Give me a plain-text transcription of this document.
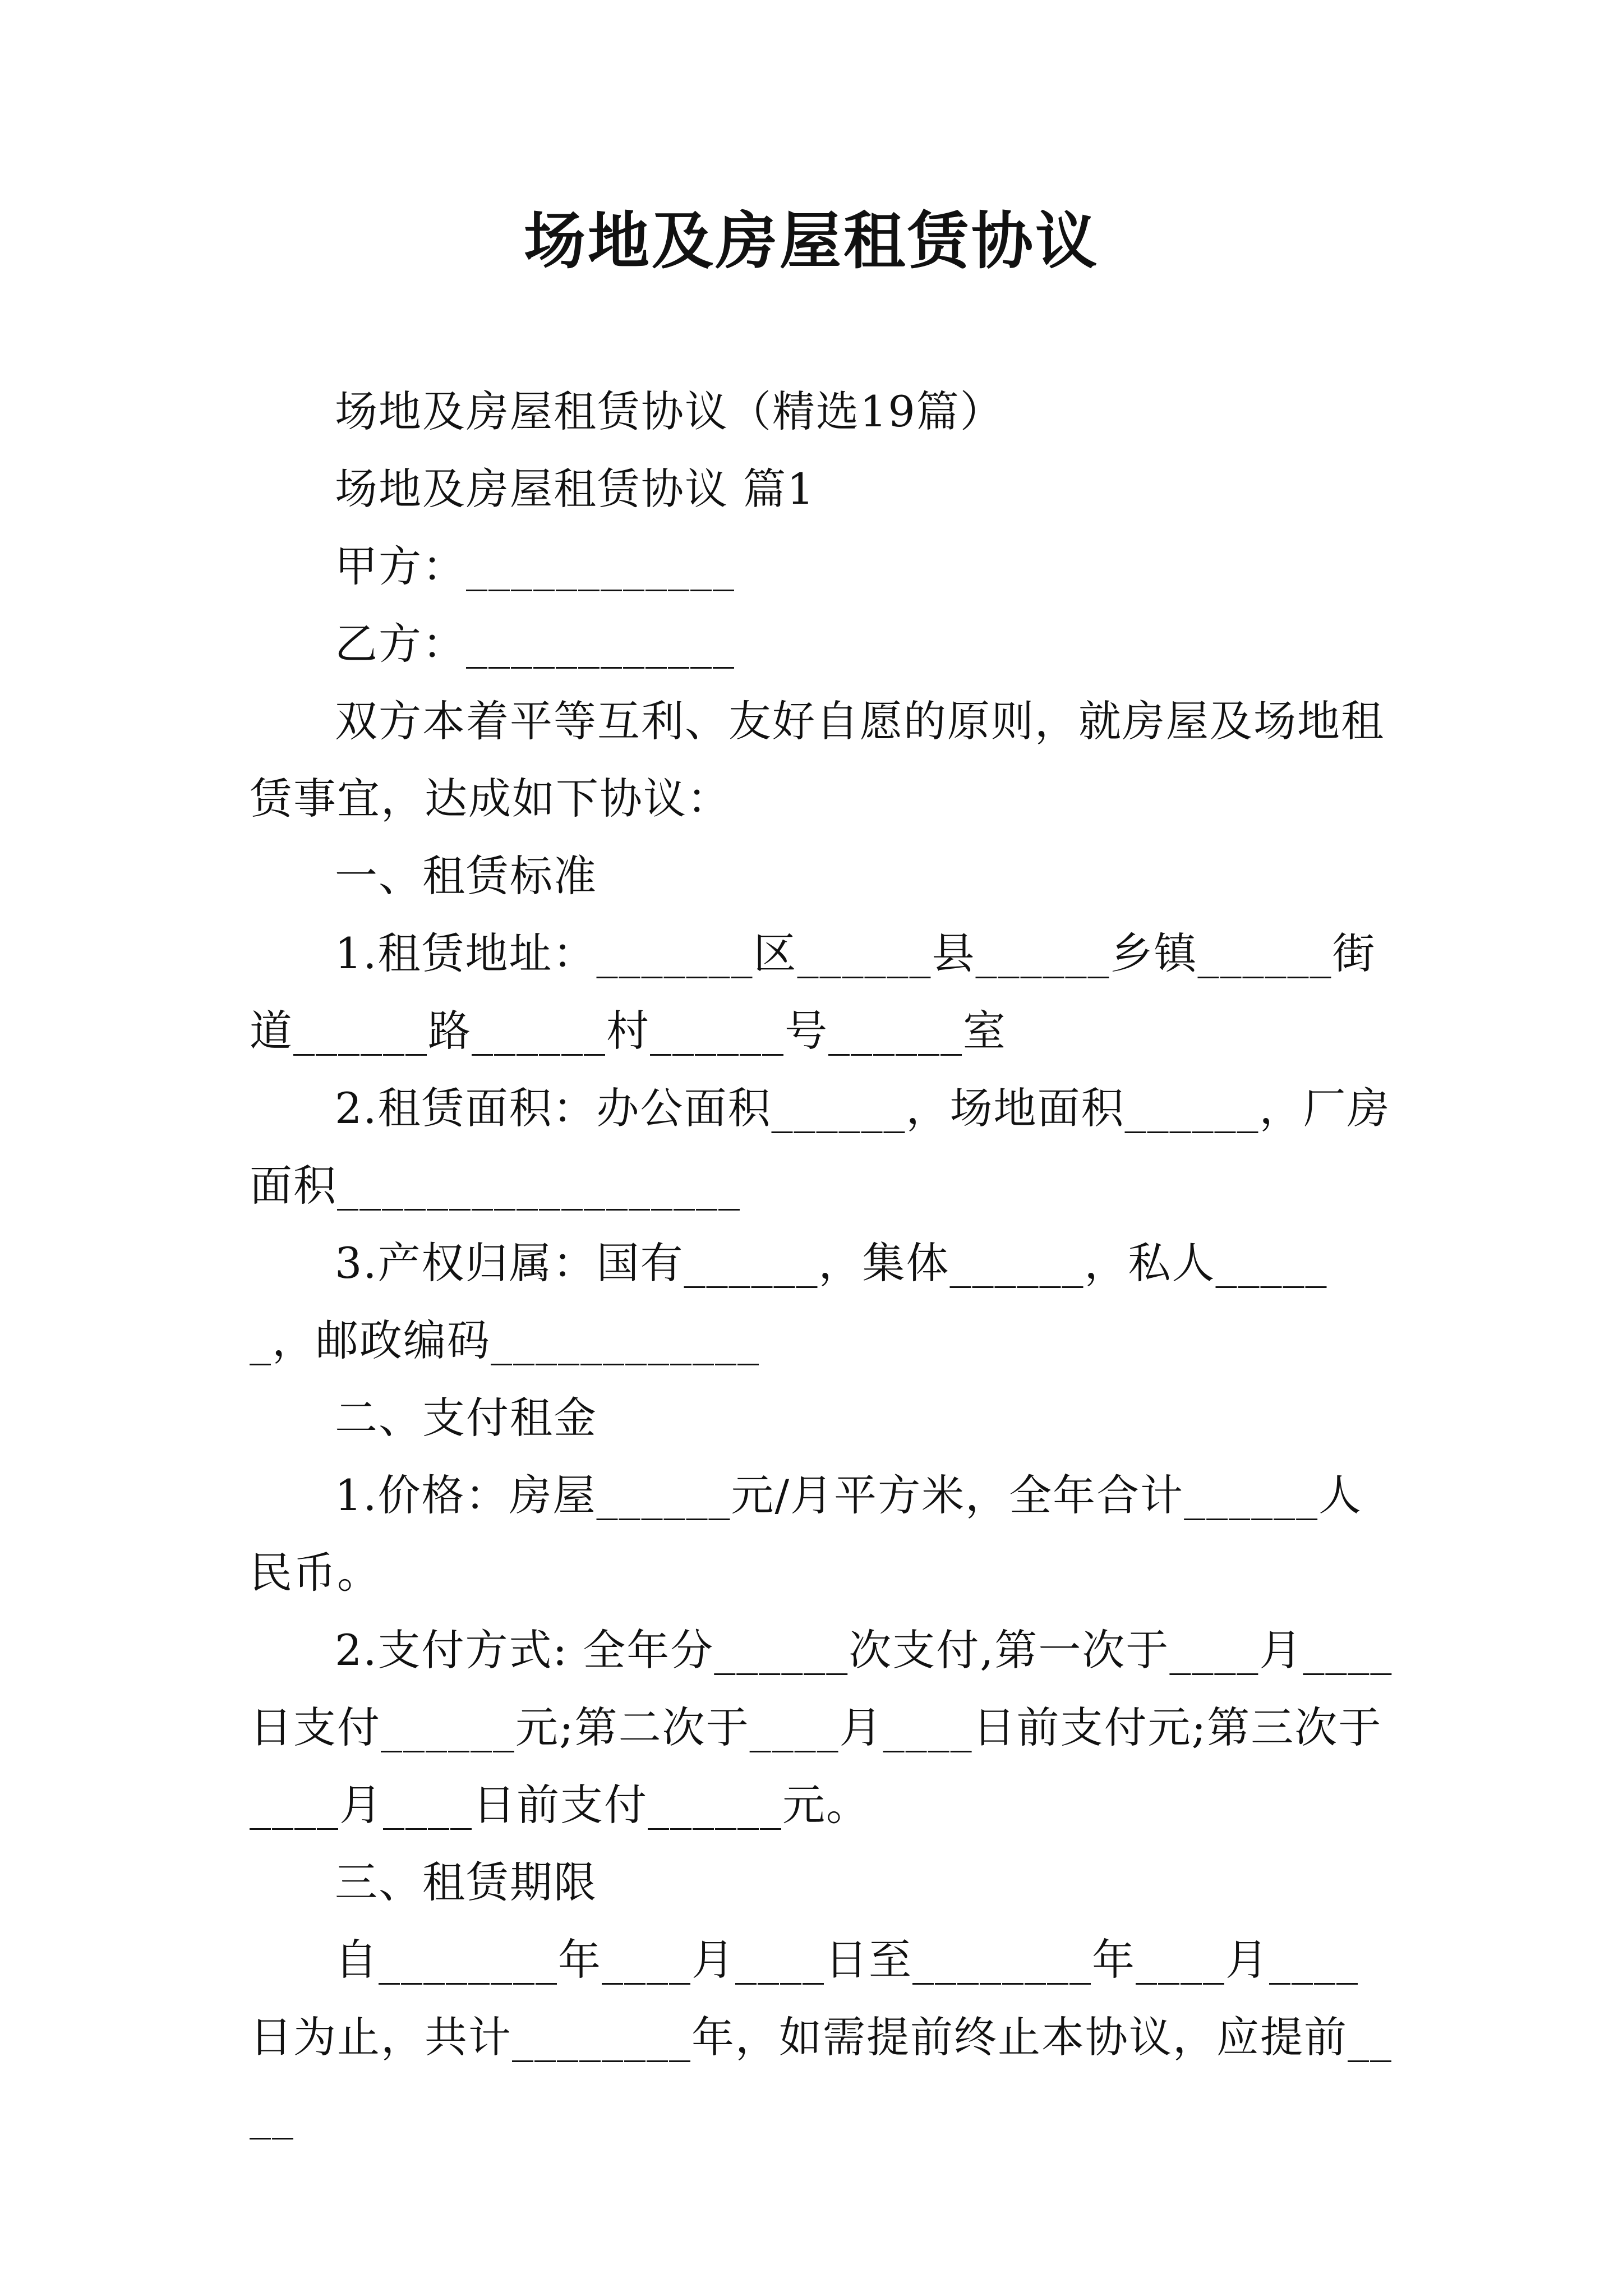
场地及房屋租赁协议

场地及房屋租赁协议（精选19篇）

场地及房屋租赁协议 篇1

甲方：____________

乙方：____________

双方本着平等互利、友好自愿的原则，就房屋及场地租赁事宜，达成如下协议：

一、租赁标准

1.租赁地址：_______区______县______乡镇______街道______路______村______号______室

2.租赁面积：办公面积______，场地面积______，厂房面积__________________

3.产权归属：国有______，集体______，私人______，邮政编码____________

二、支付租金

1.价格：房屋______元/月平方米，全年合计______人民币。

2.支付方式: 全年分______次支付,第一次于____月____日支付______元;第二次于____月____日前支付元;第三次于____月____日前支付______元。

三、租赁期限

自________年____月____日至________年____月____日为止，共计________年，如需提前终止本协议，应提前____
